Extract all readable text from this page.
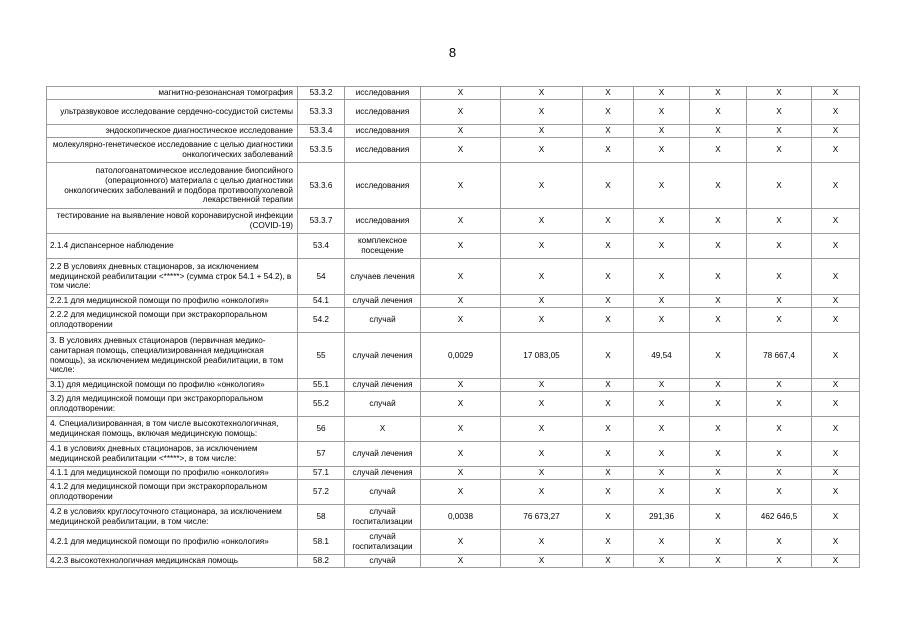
8
магнитно-резонансная томография	53.3.2	исследования	X	X	X	X	X	X	X
ультразвуковое исследование сердечно-сосудистой системы	53.3.3	исследования	X	X	X	X	X	X	X
эндоскопическое диагностическое исследование	53.3.4	исследования	X	X	X	X	X	X	X
молекулярно-генетическое исследование с целью диагностики онкологических заболеваний	53.3.5	исследования	X	X	X	X	X	X	X
патологоанатомическое исследование биопсийного (операционного) материала с целью диагностики онкологических заболеваний и подбора противоопухолевой лекарственной терапии	53.3.6	исследования	X	X	X	X	X	X	X
тестирование на выявление новой коронавирусной инфекции (COVID-19)	53.3.7	исследования	X	X	X	X	X	X	X
2.1.4 диспансерное наблюдение	53.4	комплексное посещение	X	X	X	X	X	X	X
2.2 В условиях дневных стационаров, за исключением медицинской реабилитации <*****> (сумма строк 54.1 + 54.2), в том числе:	54	случаев лечения	X	X	X	X	X	X	X
2.2.1 для медицинской помощи по профилю «онкология»	54.1	случай лечения	X	X	X	X	X	X	X
2.2.2 для медицинской помощи при экстракорпоральном оплодотворении	54.2	случай	X	X	X	X	X	X	X
3. В условиях дневных стационаров (первичная медико-санитарная помощь, специализированная медицинская помощь), за исключением медицинской реабилитации, в том числе:	55	случай лечения	0,0029	17 083,05	X	49,54	X	78 667,4	X
3.1) для медицинской помощи по профилю «онкология»	55.1	случай лечения	X	X	X	X	X	X	X
3.2) для медицинской помощи при экстракорпоральном оплодотворении:	55.2	случай	X	X	X	X	X	X	X
4. Специализированная, в том числе высокотехнологичная, медицинская помощь, включая медицинскую помощь:	56	X	X	X	X	X	X	X	X
4.1 в условиях дневных стационаров, за исключением медицинской реабилитации <*****>, в том числе:	57	случай лечения	X	X	X	X	X	X	X
4.1.1 для медицинской помощи по профилю «онкология»	57.1	случай лечения	X	X	X	X	X	X	X
4.1.2 для медицинской помощи при экстракорпоральном оплодотворении	57.2	случай	X	X	X	X	X	X	X
4.2 в условиях круглосуточного стационара, за исключением медицинской реабилитации, в том числе:	58	случай госпитализации	0,0038	76 673,27	X	291,36	X	462 646,5	X
4.2.1 для медицинской помощи по профилю «онкология»	58.1	случай госпитализации	X	X	X	X	X	X	X
4.2.3 высокотехнологичная медицинская помощь	58.2	случай	X	X	X	X	X	X	X
